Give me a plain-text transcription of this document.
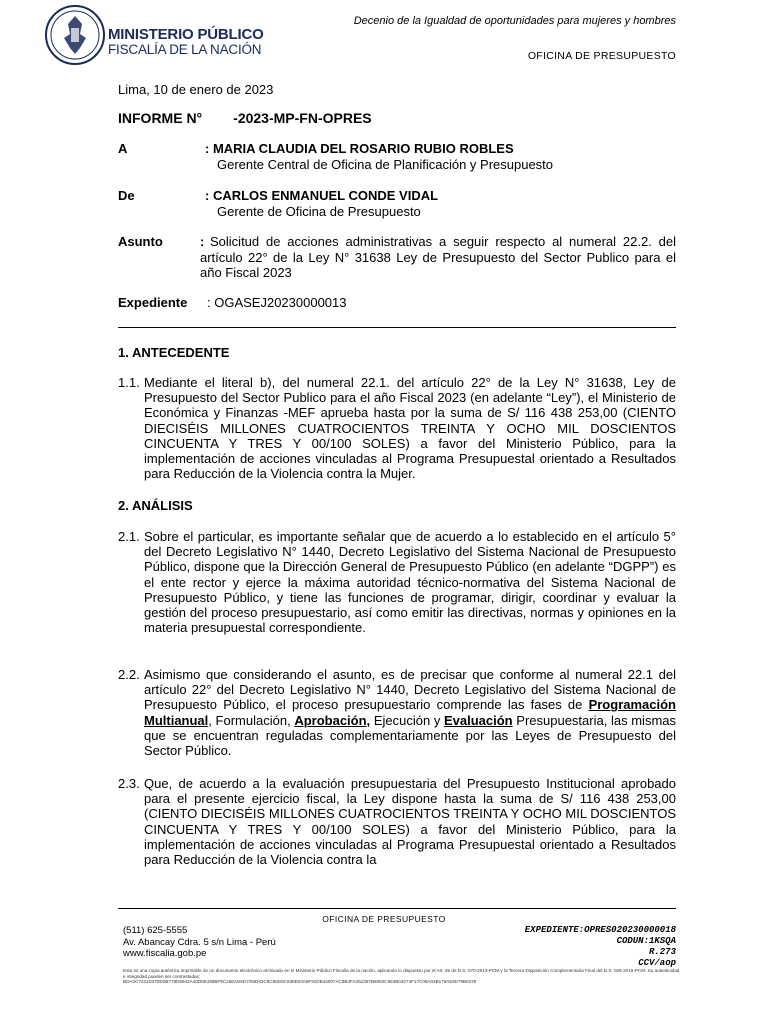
MINISTERIO PÚBLICO
FISCALÍA DE LA NACIÓN
Decenio de la Igualdad de oportunidades para mujeres y hombres
OFICINA DE PRESUPUESTO
Lima, 10 de enero de 2023
INFORME N° -2023-MP-FN-OPRES
A	: MARIA CLAUDIA DEL ROSARIO RUBIO ROBLES
Gerente Central de Oficina de Planificación y Presupuesto
De	: CARLOS ENMANUEL CONDE VIDAL
Gerente de Oficina de Presupuesto
Asunto	: Solicitud de acciones administrativas a seguir respecto al numeral 22.2. del artículo 22° de la Ley N° 31638 Ley de Presupuesto del Sector Publico para el año Fiscal 2023
Expediente : OGASEJ20230000013
1. ANTECEDENTE
1.1. Mediante el literal b), del numeral 22.1. del artículo 22° de la Ley N° 31638, Ley de Presupuesto del Sector Publico para el año Fiscal 2023 (en adelante “Ley”), el Ministerio de Económica y Finanzas -MEF aprueba hasta por la suma de S/ 116 438 253,00 (CIENTO DIECISÉIS MILLONES CUATROCIENTOS TREINTA Y OCHO MIL DOSCIENTOS CINCUENTA Y TRES Y 00/100 SOLES) a favor del Ministerio Público, para la implementación de acciones vinculadas al Programa Presupuestal orientado a Resultados para Reducción de la Violencia contra la Mujer.
2. ANÁLISIS
2.1. Sobre el particular, es importante señalar que de acuerdo a lo establecido en el artículo 5° del Decreto Legislativo N° 1440, Decreto Legislativo del Sistema Nacional de Presupuesto Público, dispone que la Dirección General de Presupuesto Público (en adelante “DGPP”) es el ente rector y ejerce la máxima autoridad técnico-normativa del Sistema Nacional de Presupuesto Público, y tiene las funciones de programar, dirigir, coordinar y evaluar la gestión del proceso presupuestario, así como emitir las directivas, normas y opiniones en la materia presupuestal correspondiente.
2.2. Asimismo que considerando el asunto, es de precisar que conforme al numeral 22.1 del artículo 22° del Decreto Legislativo N° 1440, Decreto Legislativo del Sistema Nacional de Presupuesto Público, el proceso presupuestario comprende las fases de Programación Multianual, Formulación, Aprobación, Ejecución y Evaluación Presupuestaria, las mismas que se encuentran reguladas complementariamente por las Leyes de Presupuesto del Sector Público.
2.3. Que, de acuerdo a la evaluación presupuestaria del Presupuesto Institucional aprobado para el presente ejercicio fiscal, la Ley dispone hasta la suma de S/ 116 438 253,00 (CIENTO DIECISÉIS MILLONES CUATROCIENTOS TREINTA Y OCHO MIL DOSCIENTOS CINCUENTA Y TRES Y 00/100 SOLES) a favor del Ministerio Público, para la implementación de acciones vinculadas al Programa Presupuestal orientado a Resultados para Reducción de la Violencia contra la
OFICINA DE PRESUPUESTO
(511) 625-5555
Av. Abancay Cdra. 5 s/n Lima - Perú
www.fiscalia.gob.pe
EXPEDIENTE:OPRES020230000018
CODUN:1KSQA
R.273
CCV/aop
Esta es una copia auténtica imprimible de un documento electrónico archivado en el Ministerio Público Fiscalía de la nación, aplicando lo dispuesto por el Art. 25 de D.S. 070-2013-PCM y la Tercera Disposición Complementaria Final del D.S. 026-2016-PCM. Su autenticidad e integridad pueden ser contrastadas:
BDA0C7431D278D0B778D8942A40D8E488BF9C256AD5D7/05D63C6C86D8C838E03A8F91DB44007AC8B3FA452387B6050C554B03274F17C09A03B179A53D79B0378
